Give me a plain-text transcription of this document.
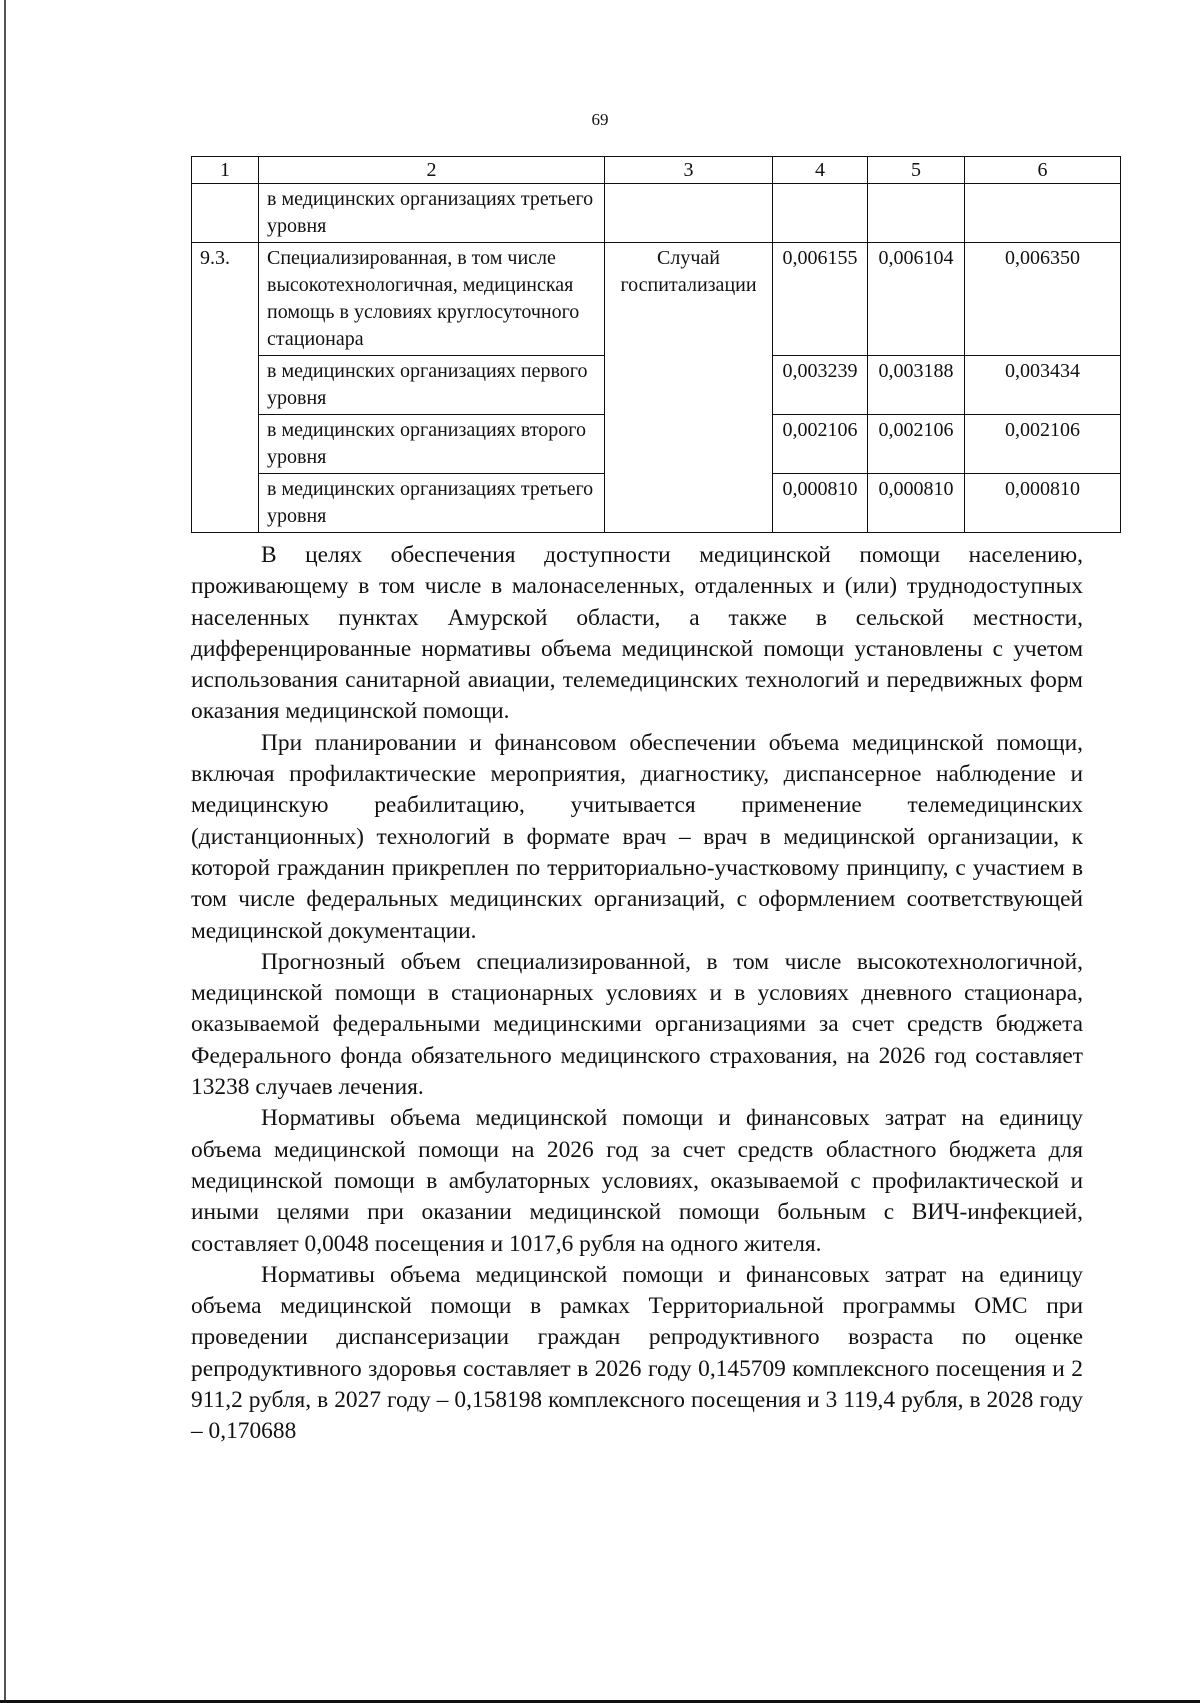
69
1	2	3	4	5	6
	в медицинских организациях третьего уровня				
9.3.	Специализированная, в том числе высокотехнологичная, медицинская помощь в условиях круглосуточного стационара	Случай госпитализации	0,006155	0,006104	0,006350
	в медицинских организациях первого уровня		0,003239	0,003188	0,003434
	в медицинских организациях второго уровня		0,002106	0,002106	0,002106
	в медицинских организациях третьего уровня		0,000810	0,000810	0,000810

В целях обеспечения доступности медицинской помощи населению, проживающему в том числе в малонаселенных, отдаленных и (или) труднодоступных населенных пунктах Амурской области, а также в сельской местности, дифференцированные нормативы объема медицинской помощи установлены с учетом использования санитарной авиации, телемедицинских технологий и передвижных форм оказания медицинской помощи.

При планировании и финансовом обеспечении объема медицинской помощи, включая профилактические мероприятия, диагностику, диспансерное наблюдение и медицинскую реабилитацию, учитывается применение телемедицинских (дистанционных) технологий в формате врач – врач в медицинской организации, к которой гражданин прикреплен по территориально-участковому принципу, с участием в том числе федеральных медицинских организаций, с оформлением соответствующей медицинской документации.

Прогнозный объем специализированной, в том числе высокотехнологичной, медицинской помощи в стационарных условиях и в условиях дневного стационара, оказываемой федеральными медицинскими организациями за счет средств бюджета Федерального фонда обязательного медицинского страхования, на 2026 год составляет 13238 случаев лечения.

Нормативы объема медицинской помощи и финансовых затрат на единицу объема медицинской помощи на 2026 год за счет средств областного бюджета для медицинской помощи в амбулаторных условиях, оказываемой с профилактической и иными целями при оказании медицинской помощи больным с ВИЧ-инфекцией, составляет 0,0048 посещения и 1017,6 рубля на одного жителя.

Нормативы объема медицинской помощи и финансовых затрат на единицу объема медицинской помощи в рамках Территориальной программы ОМС при проведении диспансеризации граждан репродуктивного возраста по оценке репродуктивного здоровья составляет в 2026 году 0,145709 комплексного посещения и 2 911,2 рубля, в 2027 году – 0,158198 комплексного посещения и 3 119,4 рубля, в 2028 году – 0,170688
